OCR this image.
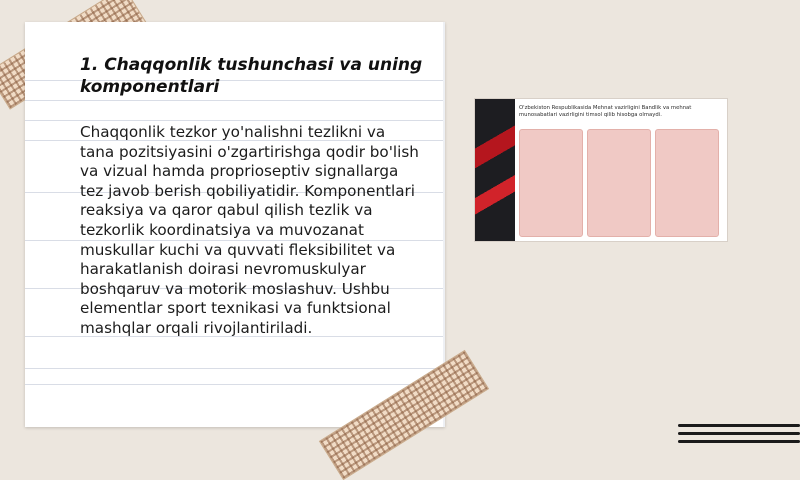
1. Chaqqonlik tushunchasi va uning komponentlari
Chaqqonlik tezkor yo'nalishni tezlikni va tana pozitsiyasini o'zgartirishga qodir bo'lish va vizual hamda proprioseptiv signallarga tez javob berish qobiliyatidir. Komponentlari reaksiya va qaror qabul qilish tezlik va tezkorlik koordinatsiya va muvozanat muskullar kuchi va quvvati fleksibilitet va harakatlanish doirasi nevromuskulyar boshqaruv va motorik moslashuv. Ushbu elementlar sport texnikasi va funktsional mashqlar orqali rivojlantiriladi.
O'zbekiston Respublikasida Mehnat vazirligini Bandlik va mehnat munosabatlari vazirligini timsol qilib hisobga olmaydi.
